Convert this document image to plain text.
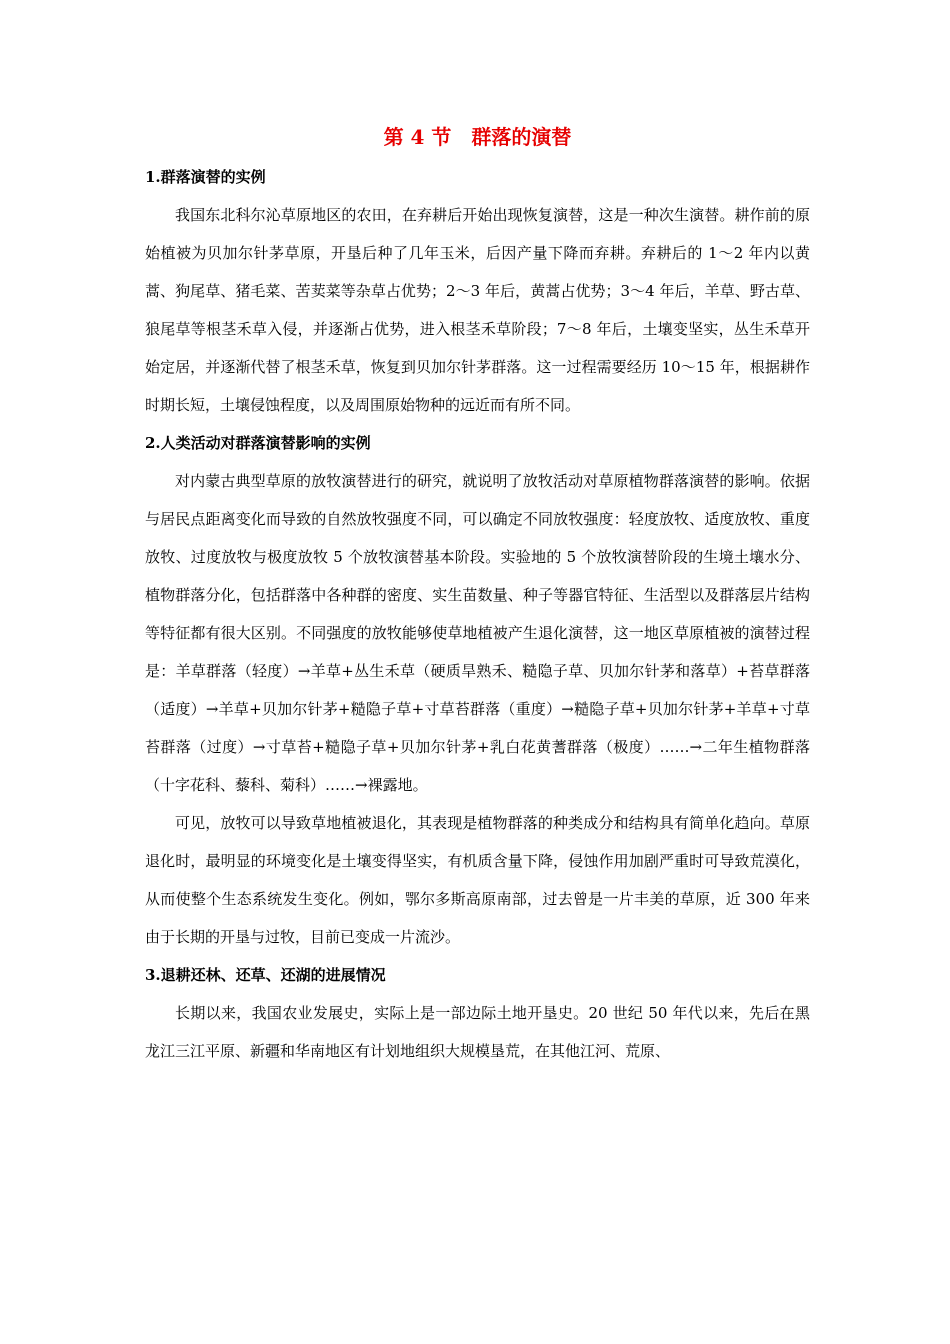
第 4 节　群落的演替
1.群落演替的实例

我国东北科尔沁草原地区的农田，在弃耕后开始出现恢复演替，这是一种次生演替。耕作前的原始植被为贝加尔针茅草原，开垦后种了几年玉米，后因产量下降而弃耕。弃耕后的 1～2 年内以黄蒿、狗尾草、猪毛菜、苦荬菜等杂草占优势；2～3 年后，黄蒿占优势；3～4 年后，羊草、野古草、狼尾草等根茎禾草入侵，并逐渐占优势，进入根茎禾草阶段；7～8 年后，土壤变坚实，丛生禾草开始定居，并逐渐代替了根茎禾草，恢复到贝加尔针茅群落。这一过程需要经历 10～15 年，根据耕作时期长短，土壤侵蚀程度，以及周围原始物种的远近而有所不同。

2.人类活动对群落演替影响的实例

对内蒙古典型草原的放牧演替进行的研究，就说明了放牧活动对草原植物群落演替的影响。依据与居民点距离变化而导致的自然放牧强度不同，可以确定不同放牧强度：轻度放牧、适度放牧、重度放牧、过度放牧与极度放牧 5 个放牧演替基本阶段。实验地的 5 个放牧演替阶段的生境土壤水分、植物群落分化，包括群落中各种群的密度、实生苗数量、种子等器官特征、生活型以及群落层片结构等特征都有很大区别。不同强度的放牧能够使草地植被产生退化演替，这一地区草原植被的演替过程是：羊草群落（轻度）→羊草+丛生禾草（硬质旱熟禾、糙隐子草、贝加尔针茅和落草）+苔草群落（适度）→羊草+贝加尔针茅+糙隐子草+寸草苔群落（重度）→糙隐子草+贝加尔针茅+羊草+寸草苔群落（过度）→寸草苔+糙隐子草+贝加尔针茅+乳白花黄蓍群落（极度）……→二年生植物群落（十字花科、藜科、菊科）……→裸露地。

可见，放牧可以导致草地植被退化，其表现是植物群落的种类成分和结构具有简单化趋向。草原退化时，最明显的环境变化是土壤变得坚实，有机质含量下降，侵蚀作用加剧严重时可导致荒漠化，从而使整个生态系统发生变化。例如，鄂尔多斯高原南部，过去曾是一片丰美的草原，近 300 年来由于长期的开垦与过牧，目前已变成一片流沙。

3.退耕还林、还草、还湖的进展情况

长期以来，我国农业发展史，实际上是一部边际土地开垦史。20 世纪 50 年代以来，先后在黑龙江三江平原、新疆和华南地区有计划地组织大规模垦荒，在其他江河、荒原、
